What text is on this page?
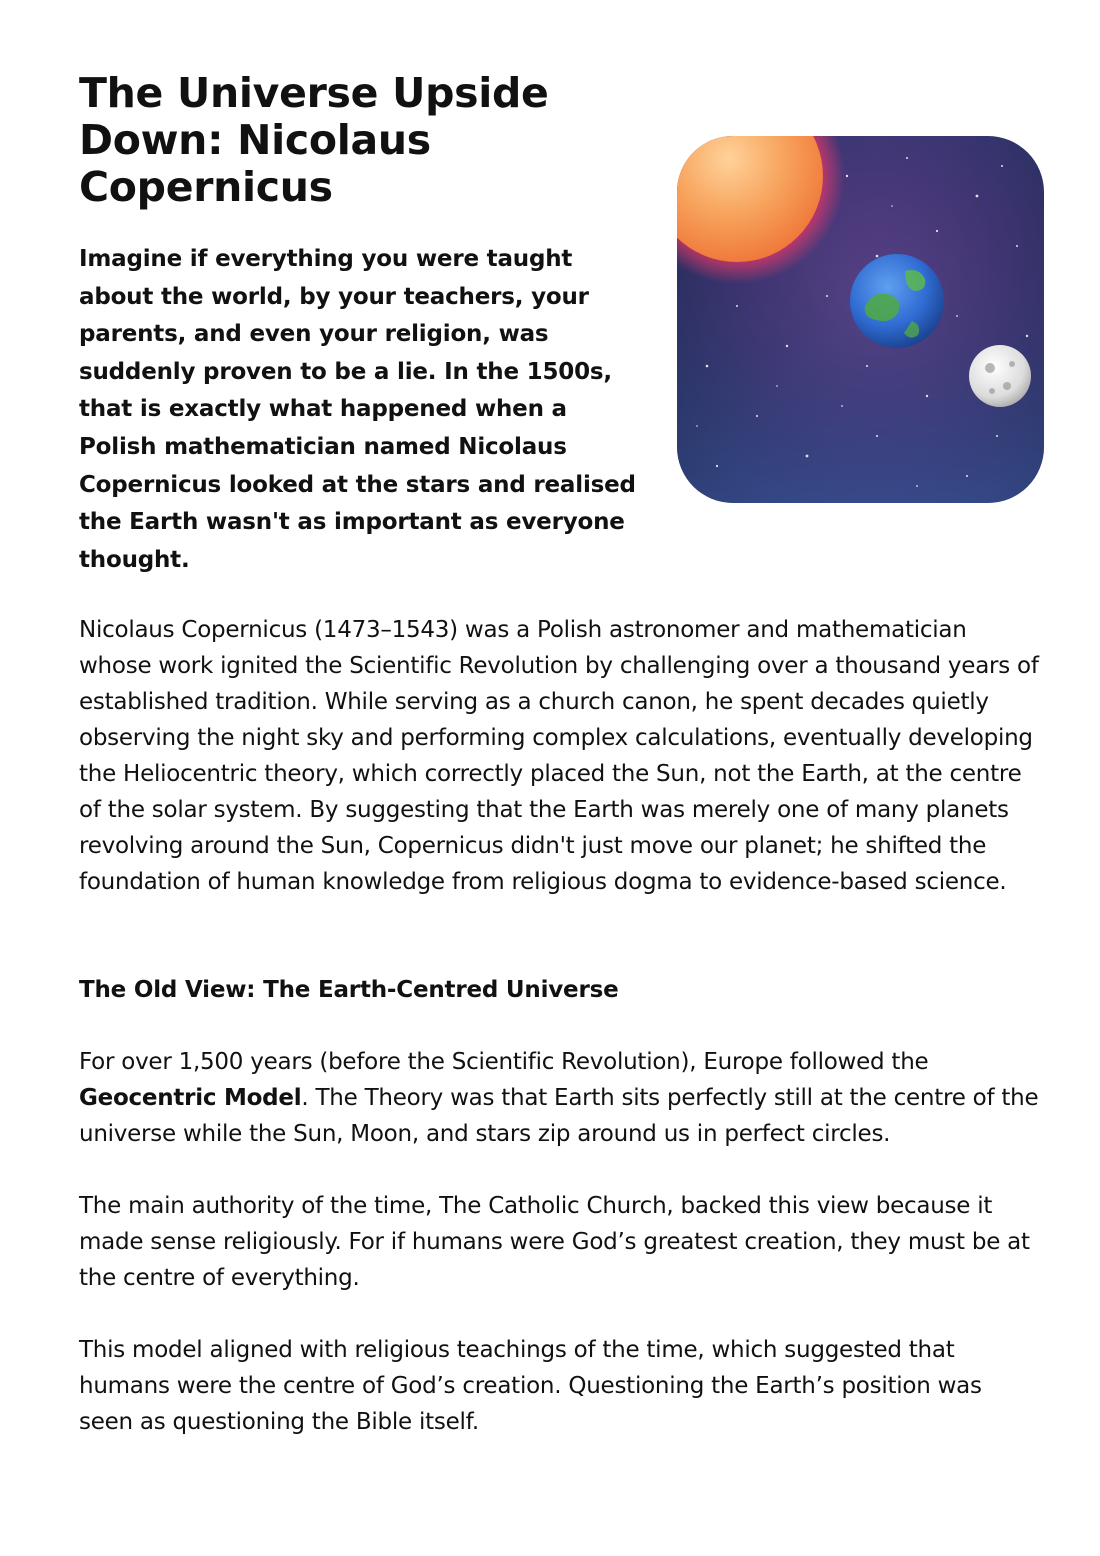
The Universe Upside Down: Nicolaus Copernicus

Imagine if everything you were taught about the world, by your teachers, your parents, and even your religion, was suddenly proven to be a lie. In the 1500s, that is exactly what happened when a Polish mathematician named Nicolaus Copernicus looked at the stars and realised the Earth wasn't as important as everyone thought.

Nicolaus Copernicus (1473–1543) was a Polish astronomer and mathematician whose work ignited the Scientific Revolution by challenging over a thousand years of established tradition. While serving as a church canon, he spent decades quietly observing the night sky and performing complex calculations, eventually developing the Heliocentric theory, which correctly placed the Sun, not the Earth, at the centre of the solar system. By suggesting that the Earth was merely one of many planets revolving around the Sun, Copernicus didn't just move our planet; he shifted the foundation of human knowledge from religious dogma to evidence-based science.

The Old View: The Earth-Centred Universe

For over 1,500 years (before the Scientific Revolution), Europe followed the Geocentric Model. The Theory was that Earth sits perfectly still at the centre of the universe while the Sun, Moon, and stars zip around us in perfect circles.

The main authority of the time, The Catholic Church, backed this view because it made sense religiously. For if humans were God’s greatest creation, they must be at the centre of everything.

This model aligned with religious teachings of the time, which suggested that humans were the centre of God’s creation. Questioning the Earth’s position was seen as questioning the Bible itself.
